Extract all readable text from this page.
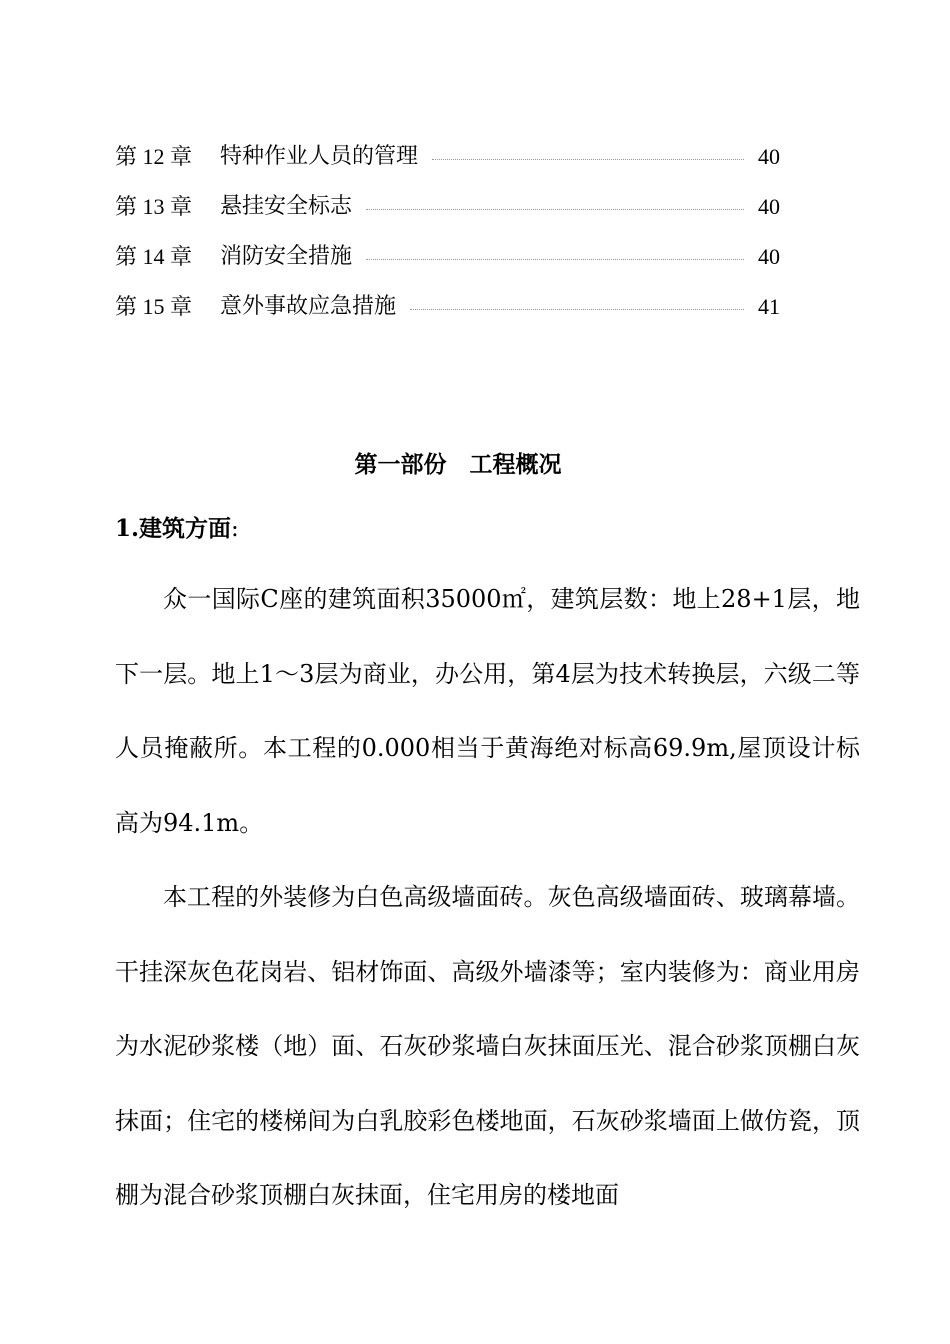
第 12 章	特种作业人员的管理	40
第 13 章	悬挂安全标志	40
第 14 章	消防安全措施	40
第 15 章	意外事故应急措施	41
第一部份　工程概况
1.建筑方面:

众一国际C座的建筑面积35000㎡，建筑层数：地上28+1层，地下一层。地上1～3层为商业，办公用，第4层为技术转换层，六级二等人员掩蔽所。本工程的0.000相当于黄海绝对标高69.9m,屋顶设计标高为94.1m。

本工程的外装修为白色高级墙面砖。灰色高级墙面砖、玻璃幕墙。干挂深灰色花岗岩、铝材饰面、高级外墙漆等；室内装修为：商业用房为水泥砂浆楼（地）面、石灰砂浆墙白灰抹面压光、混合砂浆顶棚白灰抹面；住宅的楼梯间为白乳胶彩色楼地面，石灰砂浆墙面上做仿瓷，顶棚为混合砂浆顶棚白灰抹面，住宅用房的楼地面
